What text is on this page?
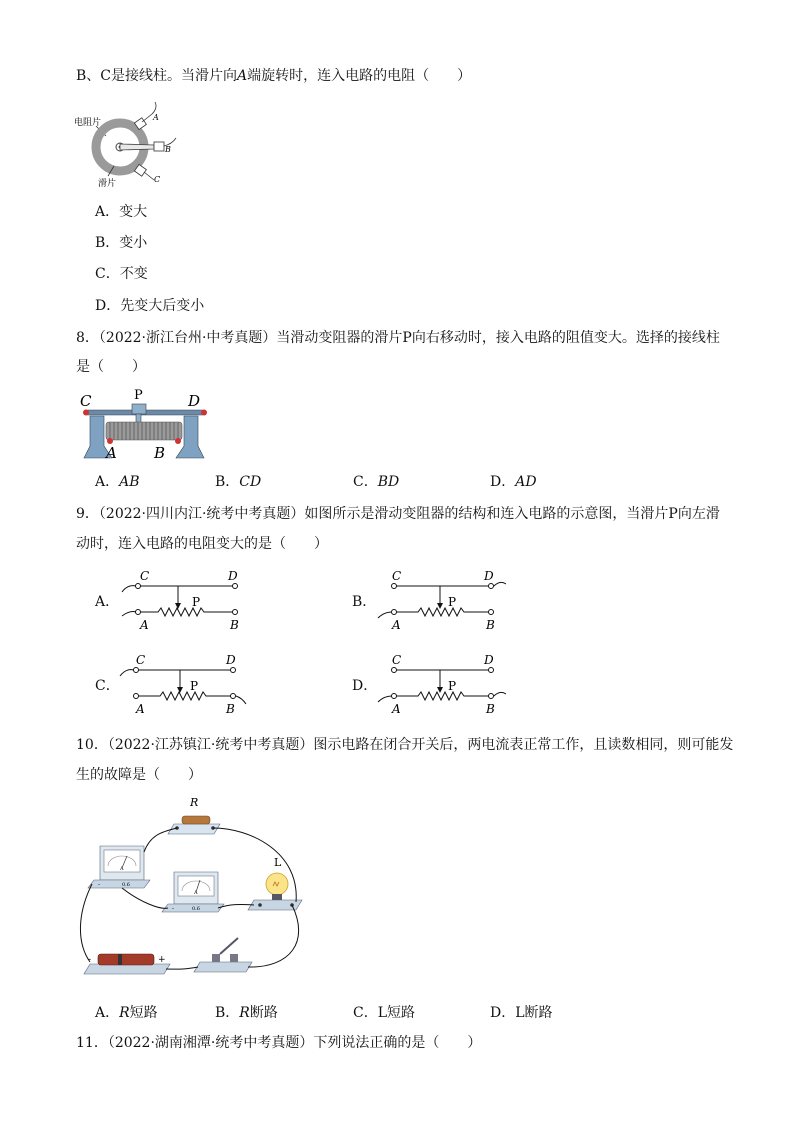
B、C是接线柱。当滑片向A端旋转时，连入电路的电阻（　　）
电阻片
A
B
C
滑片
A．变大
B．变小
C．不变
D．先变大后变小
8．（2022·浙江台州·中考真题）当滑动变阻器的滑片P向右移动时，接入电路的阻值变大。选择的接线柱
是（　　）
C	P	D
A B
A．AB	B．CD	C．BD	D．AD
9．（2022·四川内江·统考中考真题）如图所示是滑动变阻器的结构和连入电路的示意图，当滑片P向左滑
动时，连入电路的电阻变大的是（　　）
A．
C	D
P
A	B
B．
C	D
P
A	B
C．
C	D
P
A	B
D．
C	D
P
A	B
10．（2022·江苏镇江·统考中考真题）图示电路在闭合开关后，两电流表正常工作，且读数相同，则可能发
生的故障是（　　）
R
A
-	0.6
A
-	0.6
L
-	+
A．R短路	B．R断路	C．L短路	D．L断路
11．（2022·湖南湘潭·统考中考真题）下列说法正确的是（　　）
